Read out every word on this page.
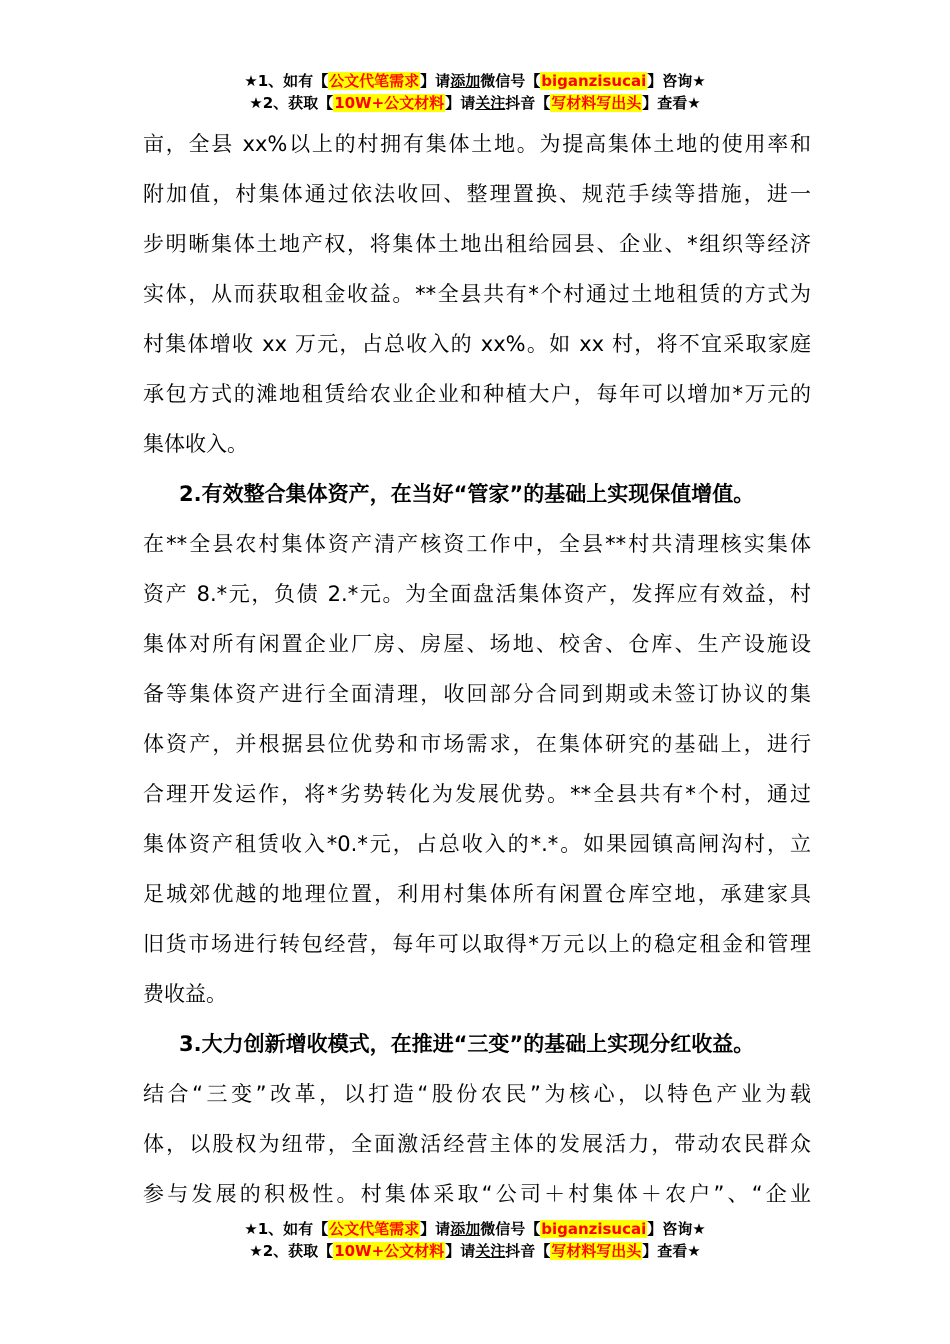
★1、如有【公文代笔需求】请添加微信号【biganzisucai】咨询★
★2、获取【10W+公文材料】请关注抖音【写材料写出头】查看★
亩，全县 xx%以上的村拥有集体土地。为提高集体土地的使用率和
附加值，村集体通过依法收回、整理置换、规范手续等措施，进一
步明晰集体土地产权，将集体土地出租给园县、企业、*组织等经济
实体，从而获取租金收益。**全县共有*个村通过土地租赁的方式为
村集体增收 xx 万元，占总收入的 xx%。如 xx 村，将不宜采取家庭
承包方式的滩地租赁给农业企业和种植大户，每年可以增加*万元的
集体收入。
2.有效整合集体资产，在当好“管家”的基础上实现保值增值。
在**全县农村集体资产清产核资工作中，全县**村共清理核实集体
资产 8.*元，负债 2.*元。为全面盘活集体资产，发挥应有效益，村
集体对所有闲置企业厂房、房屋、场地、校舍、仓库、生产设施设
备等集体资产进行全面清理，收回部分合同到期或未签订协议的集
体资产，并根据县位优势和市场需求，在集体研究的基础上，进行
合理开发运作，将*劣势转化为发展优势。**全县共有*个村，通过
集体资产租赁收入*0.*元，占总收入的*.*。如果园镇高闸沟村，立
足城郊优越的地理位置，利用村集体所有闲置仓库空地，承建家具
旧货市场进行转包经营，每年可以取得*万元以上的稳定租金和管理
费收益。
3.大力创新增收模式，在推进“三变”的基础上实现分红收益。
结合“三变”改革，以打造“股份农民”为核心，以特色产业为载
体，以股权为纽带，全面激活经营主体的发展活力，带动农民群众
参与发展的积极性。村集体采取“公司＋村集体＋农户”、“企业
★1、如有【公文代笔需求】请添加微信号【biganzisucai】咨询★
★2、获取【10W+公文材料】请关注抖音【写材料写出头】查看★
